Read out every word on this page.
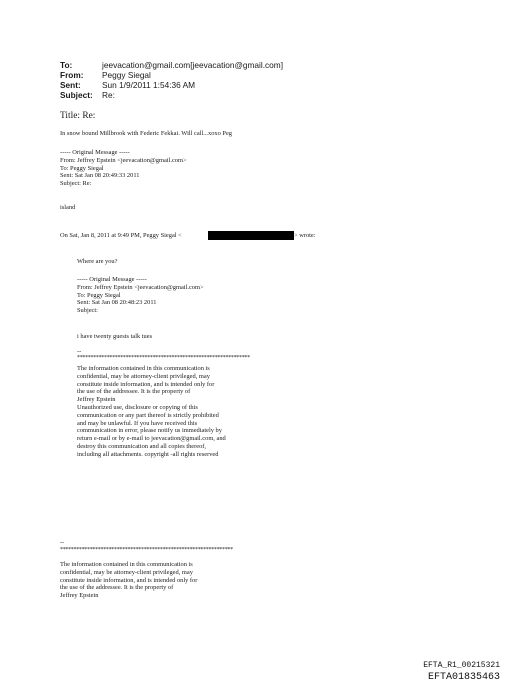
To:	jeevacation@gmail.com[jeevacation@gmail.com]
From:	Peggy Siegal
Sent:	Sun 1/9/2011 1:54:36 AM
Subject:	Re:
Title: Re:
In snow bound Millbrook with Federic Fekkai. Will call...xoxo Peg
----- Original Message -----
From: Jeffrey Epstein <jeevacation@gmail.com>
To: Peggy Siegal
Sent: Sat Jan 08 20:49:33 2011
Subject: Re:
island
On Sat, Jan 8, 2011 at 9:49 PM, Peggy Siegal <	> wrote:
Where are you?
----- Original Message -----
From: Jeffrey Epstein <jeevacation@gmail.com>
To: Peggy Siegal
Sent: Sat Jan 08 20:48:23 2011
Subject:
i have twenty guests talk tues
--
****************************************************************
The information contained in this communication is
confidential, may be attorney-client privileged, may
constitute inside information, and is intended only for
the use of the addressee. It is the property of
Jeffrey Epstein
Unauthorized use, disclosure or copying of this
communication or any part thereof is strictly prohibited
and may be unlawful. If you have received this
communication in error, please notify us immediately by
return e-mail or by e-mail to jeevacation@gmail.com, and
destroy this communication and all copies thereof,
including all attachments. copyright -all rights reserved
--
****************************************************************
The information contained in this communication is
confidential, may be attorney-client privileged, may
constitute inside information, and is intended only for
the use of the addressee. It is the property of
Jeffrey Epstein
EFTA_R1_00215321
EFTA01835463
